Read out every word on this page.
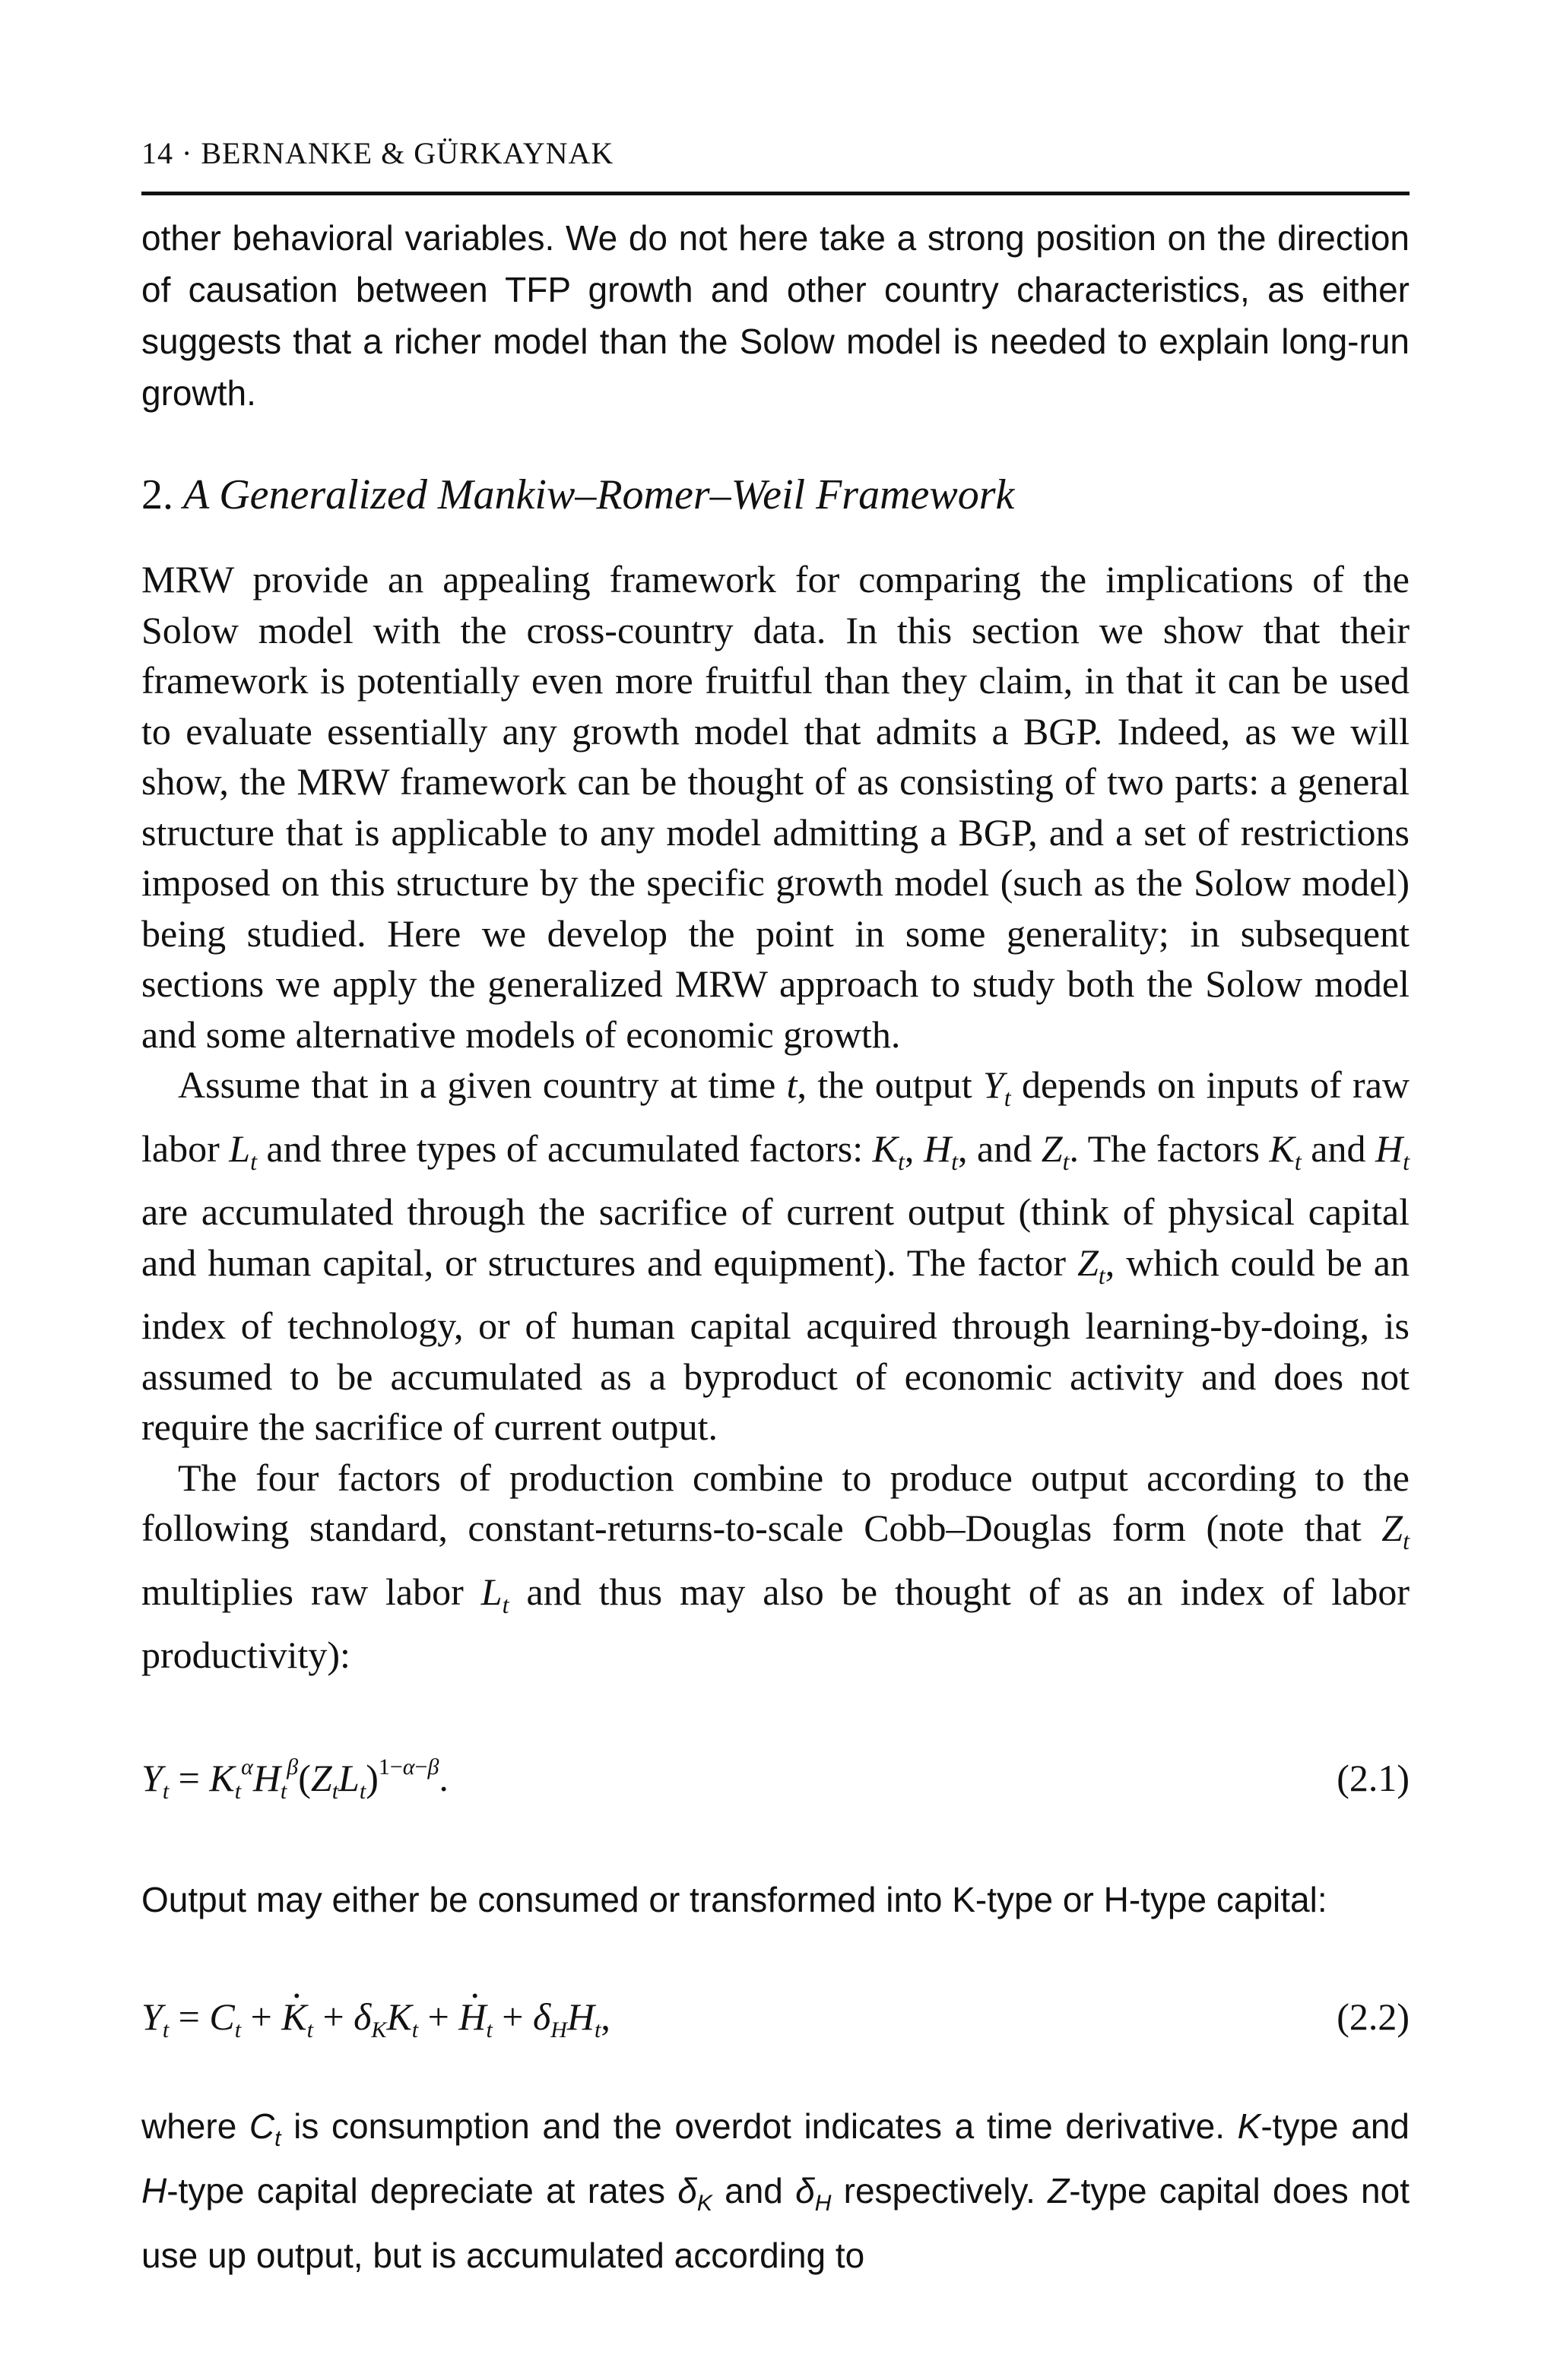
14 · BERNANKE & GÜRKAYNAK

other behavioral variables. We do not here take a strong position on the direction of causation between TFP growth and other country characteristics, as either suggests that a richer model than the Solow model is needed to explain long-run growth.

2. A Generalized Mankiw–Romer–Weil Framework

MRW provide an appealing framework for comparing the implications of the Solow model with the cross-country data. In this section we show that their framework is potentially even more fruitful than they claim, in that it can be used to evaluate essentially any growth model that admits a BGP. Indeed, as we will show, the MRW framework can be thought of as consisting of two parts: a general structure that is applicable to any model admitting a BGP, and a set of restrictions imposed on this structure by the specific growth model (such as the Solow model) being studied. Here we develop the point in some generality; in subsequent sections we apply the generalized MRW approach to study both the Solow model and some alternative models of economic growth.

Assume that in a given country at time t, the output $Y_t$ depends on inputs of raw labor $L_t$ and three types of accumulated factors: $K_t$, $H_t$, and $Z_t$. The factors $K_t$ and $H_t$ are accumulated through the sacrifice of current output (think of physical capital and human capital, or structures and equipment). The factor $Z_t$, which could be an index of technology, or of human capital acquired through learning-by-doing, is assumed to be accumulated as a byproduct of economic activity and does not require the sacrifice of current output.

The four factors of production combine to produce output according to the following standard, constant-returns-to-scale Cobb–Douglas form (note that $Z_t$ multiplies raw labor $L_t$ and thus may also be thought of as an index of labor productivity):

$Y_t = K_t^\alpha H_t^\beta(Z_tL_t)^{1-\alpha-\beta}$.	(2.1)

Output may either be consumed or transformed into K-type or H-type capital:

$Y_t = C_t$ + · $K_t + \delta_KK_t$ + · $H_t + \delta_HH_t$,	(2.2)

where $C_t$ is consumption and the overdot indicates a time derivative. K-type and H-type capital depreciate at rates $\delta_K$ and $\delta_H$ respectively. Z-type capital does not use up output, but is accumulated according to
